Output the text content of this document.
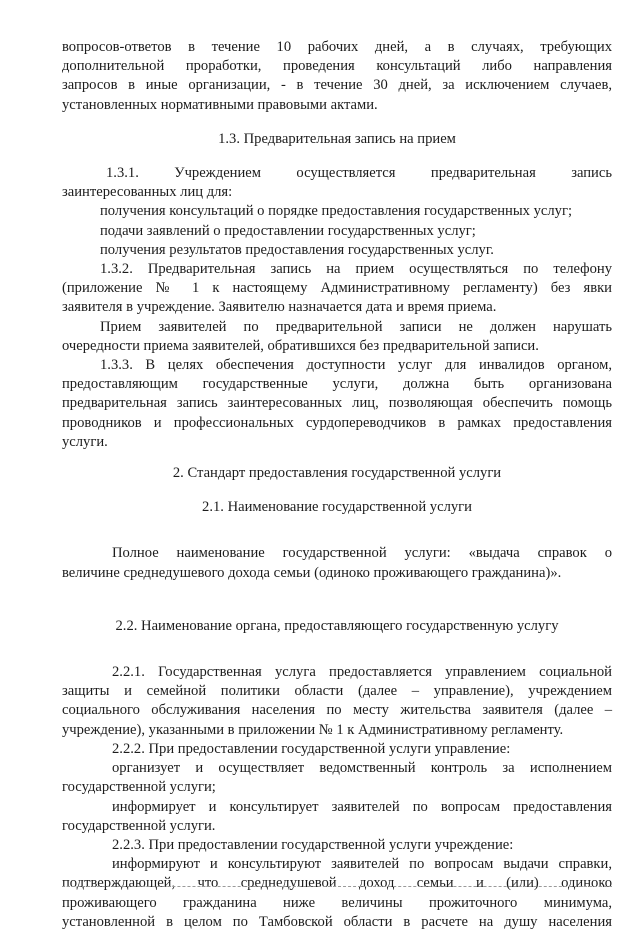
вопросов-ответов в течение 10 рабочих дней, а в случаях, требующих

дополнительной проработки, проведения консультаций либо направления

запросов в иные организации, - в течение 30 дней, за исключением случаев,

установленных нормативными правовыми актами.

1.3. Предварительная запись на прием

1.3.1. Учреждением осуществляется предварительная запись

заинтересованных лиц для:

получения консультаций о порядке предоставления государственных услуг;

подачи заявлений о предоставлении государственных услуг;

получения результатов предоставления государственных услуг.

1.3.2. Предварительная запись на прием осуществляться по телефону

(приложение № 1 к настоящему Административному регламенту) без явки

заявителя в учреждение. Заявителю назначается дата и время приема.

Прием заявителей по предварительной записи не должен нарушать

очередности приема заявителей, обратившихся без предварительной записи.

1.3.3. В целях обеспечения доступности услуг для инвалидов органом,

предоставляющим государственные услуги, должна быть организована

предварительная запись заинтересованных лиц, позволяющая обеспечить помощь

проводников и профессиональных сурдопереводчиков в рамках предоставления

услуги.

2. Стандарт предоставления государственной услуги

2.1. Наименование государственной услуги

Полное наименование государственной услуги: «выдача справок о

величине среднедушевого дохода семьи (одиноко проживающего гражданина)».

2.2. Наименование органа, предоставляющего государственную услугу

2.2.1. Государственная услуга предоставляется управлением социальной

защиты и семейной политики области (далее – управление), учреждением

социального обслуживания населения по месту жительства заявителя (далее –

учреждение), указанными в приложении № 1 к Административному регламенту.

2.2.2. При предоставлении государственной услуги управление:

организует и осуществляет ведомственный контроль за исполнением

государственной услуги;

информирует и консультирует заявителей по вопросам предоставления

государственной услуги.

2.2.3. При предоставлении государственной услуги учреждение:

информируют и консультируют заявителей по вопросам выдачи справки,

подтверждающей, что среднедушевой доход семьи и (или) одиноко

проживающего гражданина ниже величины прожиточного минимума,

установленной в целом по Тамбовской области в расчете на душу населения
